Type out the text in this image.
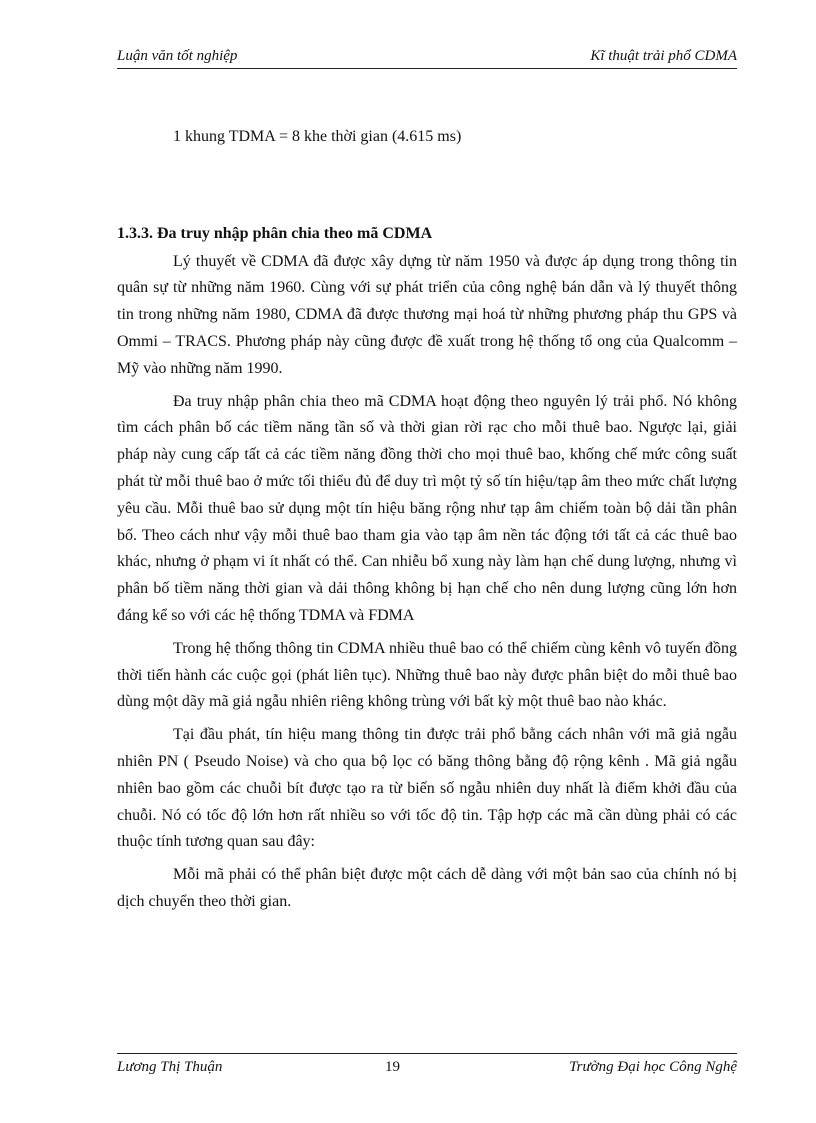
Luận văn tốt nghiệp	Kĩ thuật trải phổ CDMA

1 khung TDMA = 8 khe thời gian (4.615 ms)

1.3.3. Đa truy nhập phân chia theo mã CDMA

Lý thuyết về CDMA đã được xây dựng từ năm 1950 và được áp dụng trong thông tin quân sự từ những năm 1960. Cùng với sự phát triển của công nghệ bán dẫn và lý thuyết thông tin trong những năm 1980, CDMA đã được thương mại hoá từ những phương pháp thu GPS và Ommi – TRACS. Phương pháp này cũng được đề xuất trong hệ thống tổ ong của Qualcomm – Mỹ vào những năm 1990.

Đa truy nhập phân chia theo mã CDMA hoạt động theo nguyên lý trải phổ. Nó không tìm cách phân bố các tiềm năng tần số và thời gian rời rạc cho mỗi thuê bao. Ngược lại, giải pháp này cung cấp tất cả các tiềm năng đồng thời cho mọi thuê bao, khống chế mức công suất phát từ mỗi thuê bao ở mức tối thiểu đủ để duy trì một tỷ số tín hiệu/tạp âm theo mức chất lượng yêu cầu. Mỗi thuê bao sử dụng một tín hiệu băng rộng như tạp âm chiếm toàn bộ dải tần phân bố. Theo cách như vậy mỗi thuê bao tham gia vào tạp âm nền tác động tới tất cả các thuê bao khác, nhưng ở phạm vi ít nhất có thể. Can nhiễu bổ xung này làm hạn chế dung lượng, nhưng vì phân bố tiềm năng thời gian và dải thông không bị hạn chế cho nên dung lượng cũng lớn hơn đáng kể so với các hệ thống TDMA và FDMA

Trong hệ thống thông tin CDMA nhiều thuê bao có thể chiếm cùng kênh vô tuyến đồng thời tiến hành các cuộc gọi (phát liên tục). Những thuê bao này được phân biệt do mỗi thuê bao dùng một dãy mã giả ngẫu nhiên riêng không trùng với bất kỳ một thuê bao nào khác.

Tại đầu phát, tín hiệu mang thông tin được trải phổ bằng cách nhân với mã giả ngẫu nhiên PN ( Pseudo Noise) và cho qua bộ lọc có băng thông bằng độ rộng kênh . Mã giả ngẫu nhiên bao gồm các chuỗi bít được tạo ra từ biến số ngẫu nhiên duy nhất là điểm khởi đầu của chuỗi. Nó có tốc độ lớn hơn rất nhiều so với tốc độ tin. Tập hợp các mã cần dùng phải có các thuộc tính tương quan sau đây:

Mỗi mã phải có thể phân biệt được một cách dễ dàng với một bản sao của chính nó bị dịch chuyển theo thời gian.

Lương Thị Thuận	19	Trường Đại học Công Nghệ
